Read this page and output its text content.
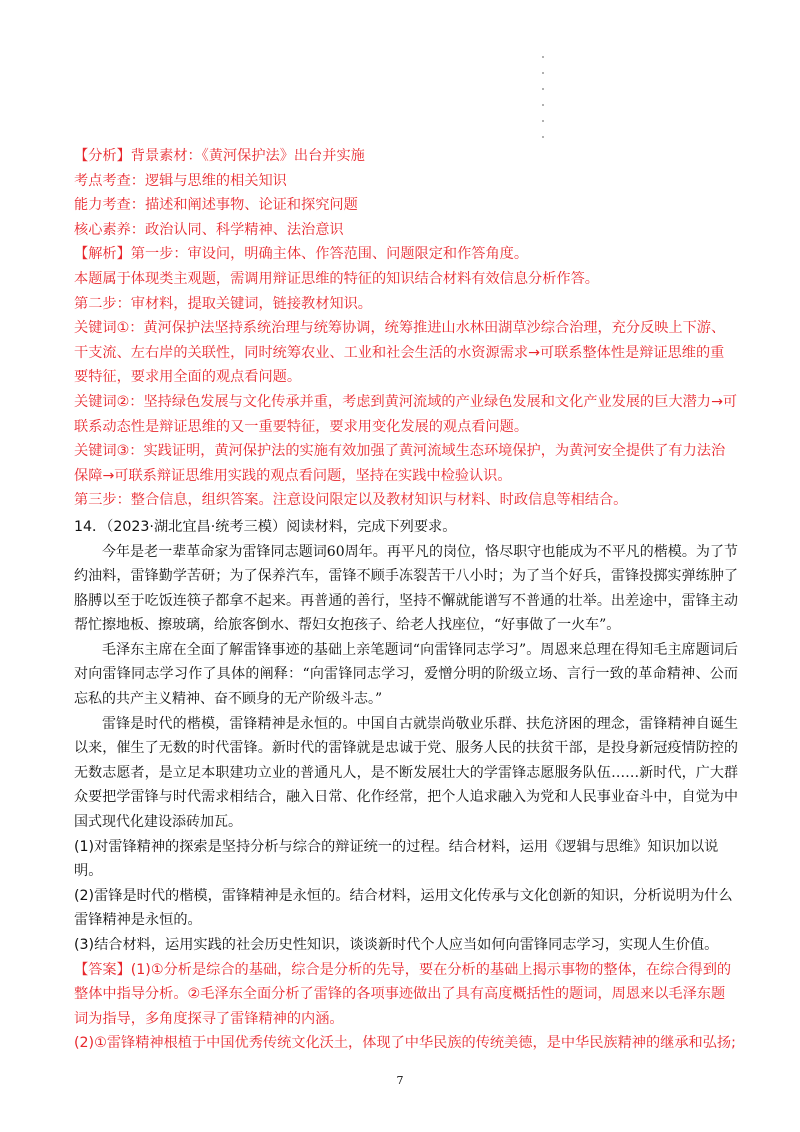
【分析】背景素材：《黄河保护法》出台并实施
考点考查：逻辑与思维的相关知识
能力考查：描述和阐述事物、论证和探究问题
核心素养：政治认同、科学精神、法治意识
【解析】第一步：审设问，明确主体、作答范围、问题限定和作答角度。
本题属于体现类主观题，需调用辩证思维的特征的知识结合材料有效信息分析作答。
第二步：审材料，提取关键词，链接教材知识。
关键词①：黄河保护法坚持系统治理与统筹协调，统筹推进山水林田湖草沙综合治理，充分反映上下游、干支流、左右岸的关联性，同时统筹农业、工业和社会生活的水资源需求→可联系整体性是辩证思维的重要特征，要求用全面的观点看问题。
关键词②：坚持绿色发展与文化传承并重，考虑到黄河流域的产业绿色发展和文化产业发展的巨大潜力→可联系动态性是辩证思维的又一重要特征，要求用变化发展的观点看问题。
关键词③：实践证明，黄河保护法的实施有效加强了黄河流域生态环境保护，为黄河安全提供了有力法治保障→可联系辩证思维用实践的观点看问题，坚持在实践中检验认识。
第三步：整合信息，组织答案。注意设问限定以及教材知识与材料、时政信息等相结合。
14．（2023·湖北宜昌·统考三模）阅读材料，完成下列要求。
今年是老一辈革命家为雷锋同志题词60周年。再平凡的岗位，恪尽职守也能成为不平凡的楷模。为了节约油料，雷锋勤学苦研；为了保养汽车，雷锋不顾手冻裂苦干八小时；为了当个好兵，雷锋投掷实弹练肿了胳膊以至于吃饭连筷子都拿不起来。再普通的善行，坚持不懈就能谱写不普通的壮举。出差途中，雷锋主动帮忙擦地板、擦玻璃，给旅客倒水、帮妇女抱孩子、给老人找座位，“好事做了一火车”。
毛泽东主席在全面了解雷锋事迹的基础上亲笔题词“向雷锋同志学习”。周恩来总理在得知毛主席题词后对向雷锋同志学习作了具体的阐释：“向雷锋同志学习，爱憎分明的阶级立场、言行一致的革命精神、公而忘私的共产主义精神、奋不顾身的无产阶级斗志。”
雷锋是时代的楷模，雷锋精神是永恒的。中国自古就崇尚敬业乐群、扶危济困的理念，雷锋精神自诞生以来，催生了无数的时代雷锋。新时代的雷锋就是忠诚于党、服务人民的扶贫干部，是投身新冠疫情防控的无数志愿者，是立足本职建功立业的普通凡人，是不断发展壮大的学雷锋志愿服务队伍……新时代，广大群众要把学雷锋与时代需求相结合，融入日常、化作经常，把个人追求融入为党和人民事业奋斗中，自觉为中国式现代化建设添砖加瓦。
(1)对雷锋精神的探索是坚持分析与综合的辩证统一的过程。结合材料，运用《逻辑与思维》知识加以说明。
(2)雷锋是时代的楷模，雷锋精神是永恒的。结合材料，运用文化传承与文化创新的知识，分析说明为什么雷锋精神是永恒的。
(3)结合材料，运用实践的社会历史性知识，谈谈新时代个人应当如何向雷锋同志学习，实现人生价值。
【答案】(1)①分析是综合的基础，综合是分析的先导，要在分析的基础上揭示事物的整体，在综合得到的整体中指导分析。②毛泽东全面分析了雷锋的各项事迹做出了具有高度概括性的题词，周恩来以毛泽东题词为指导，多角度探寻了雷锋精神的内涵。
(2)①雷锋精神根植于中国优秀传统文化沃土，体现了中华民族的传统美德，是中华民族精神的继承和弘扬;
7
